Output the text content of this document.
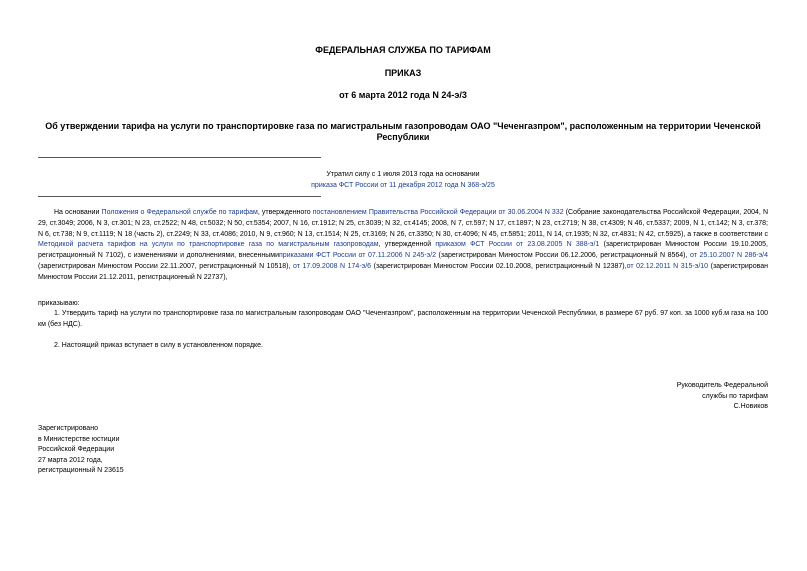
ФЕДЕРАЛЬНАЯ СЛУЖБА ПО ТАРИФАМ
ПРИКАЗ
от 6 марта 2012 года N 24-э/3
Об утверждении тарифа на услуги по транспортировке газа по магистральным газопроводам ОАО "Чеченгазпром", расположенным на территории Чеченской Республики
Утратил силу с 1 июля 2013 года на основании
приказа ФСТ России от 11 декабря 2012 года N 368-э/25
На основании Положения о Федеральной службе по тарифам, утвержденного постановлением Правительства Российской Федерации от 30.06.2004 N 332 (Собрание законодательства Российской Федерации, 2004, N 29, ст.3049; 2006, N 3, ст.301; N 23, ст.2522; N 48, ст.5032; N 50, ст.5354; 2007, N 16, ст.1912; N 25, ст.3039; N 32, ст.4145; 2008, N 7, ст.597; N 17, ст.1897; N 23, ст.2719; N 38, ст.4309; N 46, ст.5337; 2009, N 1, ст.142; N 3, ст.378; N 6, ст.738; N 9, ст.1119; N 18 (часть 2), ст.2249; N 33, ст.4086; 2010, N 9, ст.960; N 13, ст.1514; N 25, ст.3169; N 26, ст.3350; N 30, ст.4096; N 45, ст.5851; 2011, N 14, ст.1935; N 32, ст.4831; N 42, ст.5925), а также в соответствии с Методикой расчета тарифов на услуги по транспортировке газа по магистральным газопроводам, утвержденной приказом ФСТ России от 23.08.2005 N 388-э/1 (зарегистрирован Минюстом России 19.10.2005, регистрационный N 7102), с изменениями и дополнениями, внесеннымиприказами ФСТ России от 07.11.2006 N 245-э/2 (зарегистрирован Минюстом России 06.12.2006, регистрационный N 8564), от 25.10.2007 N 286-э/4 (зарегистрирован Минюстом России 22.11.2007, регистрационный N 10518), от 17.09.2008 N 174-э/6 (зарегистрирован Минюстом России 02.10.2008, регистрационный N 12387),от 02.12.2011 N 315-э/10 (зарегистрирован Минюстом России 21.12.2011, регистрационный N 22737),
приказываю:
1. Утвердить тариф на услуги по транспортировке газа по магистральным газопроводам ОАО "Чеченгазпром", расположенным на территории Чеченской Республики, в размере 67 руб. 97 коп. за 1000 куб.м газа на 100 км (без НДС).
2. Настоящий приказ вступает в силу в установленном порядке.
Руководитель Федеральной
службы по тарифам
С.Новиков
Зарегистрировано
в Министерстве юстиции
Российской Федерации
27 марта 2012 года,
регистрационный N 23615
